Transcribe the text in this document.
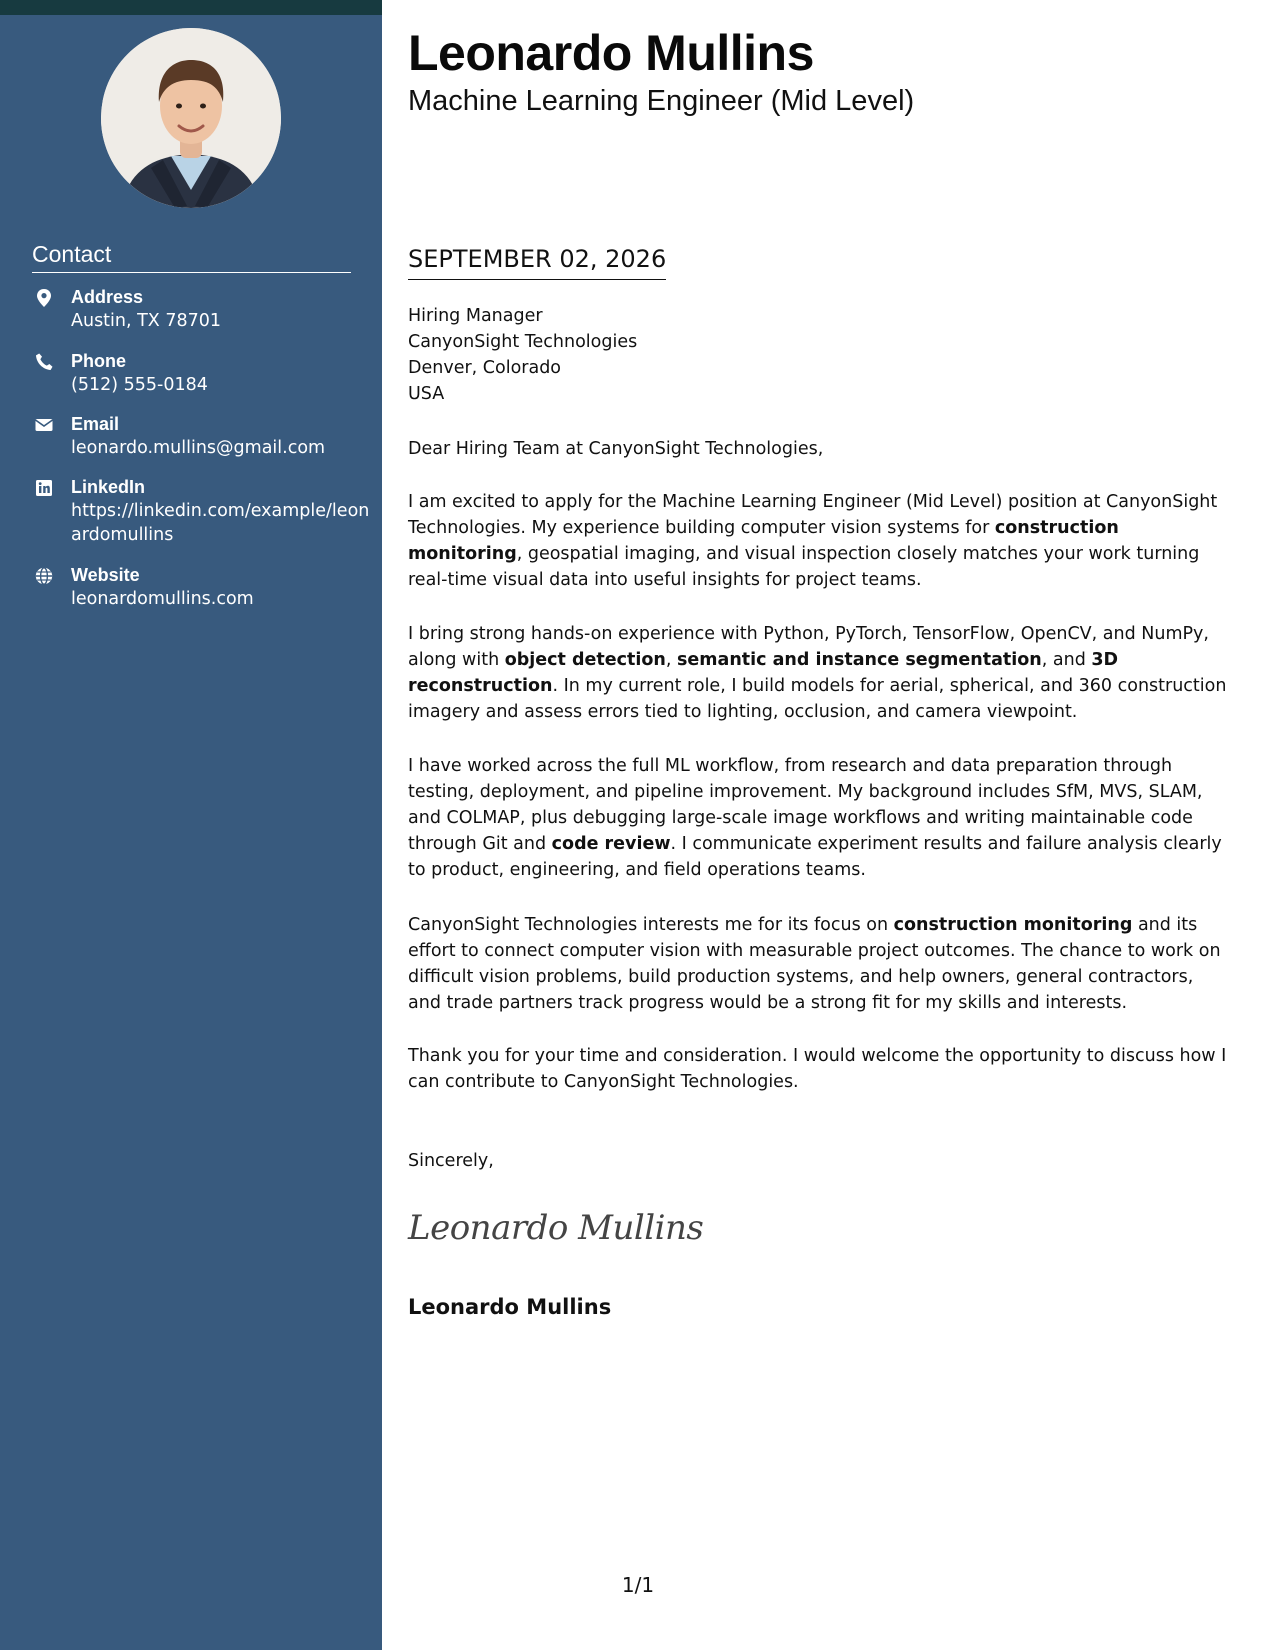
Contact
Address
Austin, TX 78701
Phone
(512) 555-0184
Email
leonardo.mullins@gmail.com
LinkedIn
https://linkedin.com/example/leonardomullins
Website
leonardomullins.com
Leonardo Mullins
Machine Learning Engineer (Mid Level)
SEPTEMBER 02, 2026
Hiring Manager
CanyonSight Technologies
Denver, Colorado
USA
Dear Hiring Team at CanyonSight Technologies,
I am excited to apply for the Machine Learning Engineer (Mid Level) position at CanyonSight Technologies. My experience building computer vision systems for construction monitoring, geospatial imaging, and visual inspection closely matches your work turning real-time visual data into useful insights for project teams.
I bring strong hands-on experience with Python, PyTorch, TensorFlow, OpenCV, and NumPy, along with object detection, semantic and instance segmentation, and 3D reconstruction. In my current role, I build models for aerial, spherical, and 360 construction imagery and assess errors tied to lighting, occlusion, and camera viewpoint.
I have worked across the full ML workflow, from research and data preparation through testing, deployment, and pipeline improvement. My background includes SfM, MVS, SLAM, and COLMAP, plus debugging large-scale image workflows and writing maintainable code through Git and code review. I communicate experiment results and failure analysis clearly to product, engineering, and field operations teams.
CanyonSight Technologies interests me for its focus on construction monitoring and its effort to connect computer vision with measurable project outcomes. The chance to work on difficult vision problems, build production systems, and help owners, general contractors, and trade partners track progress would be a strong fit for my skills and interests.
Thank you for your time and consideration. I would welcome the opportunity to discuss how I can contribute to CanyonSight Technologies.
Sincerely,
Leonardo Mullins
Leonardo Mullins
1/1
